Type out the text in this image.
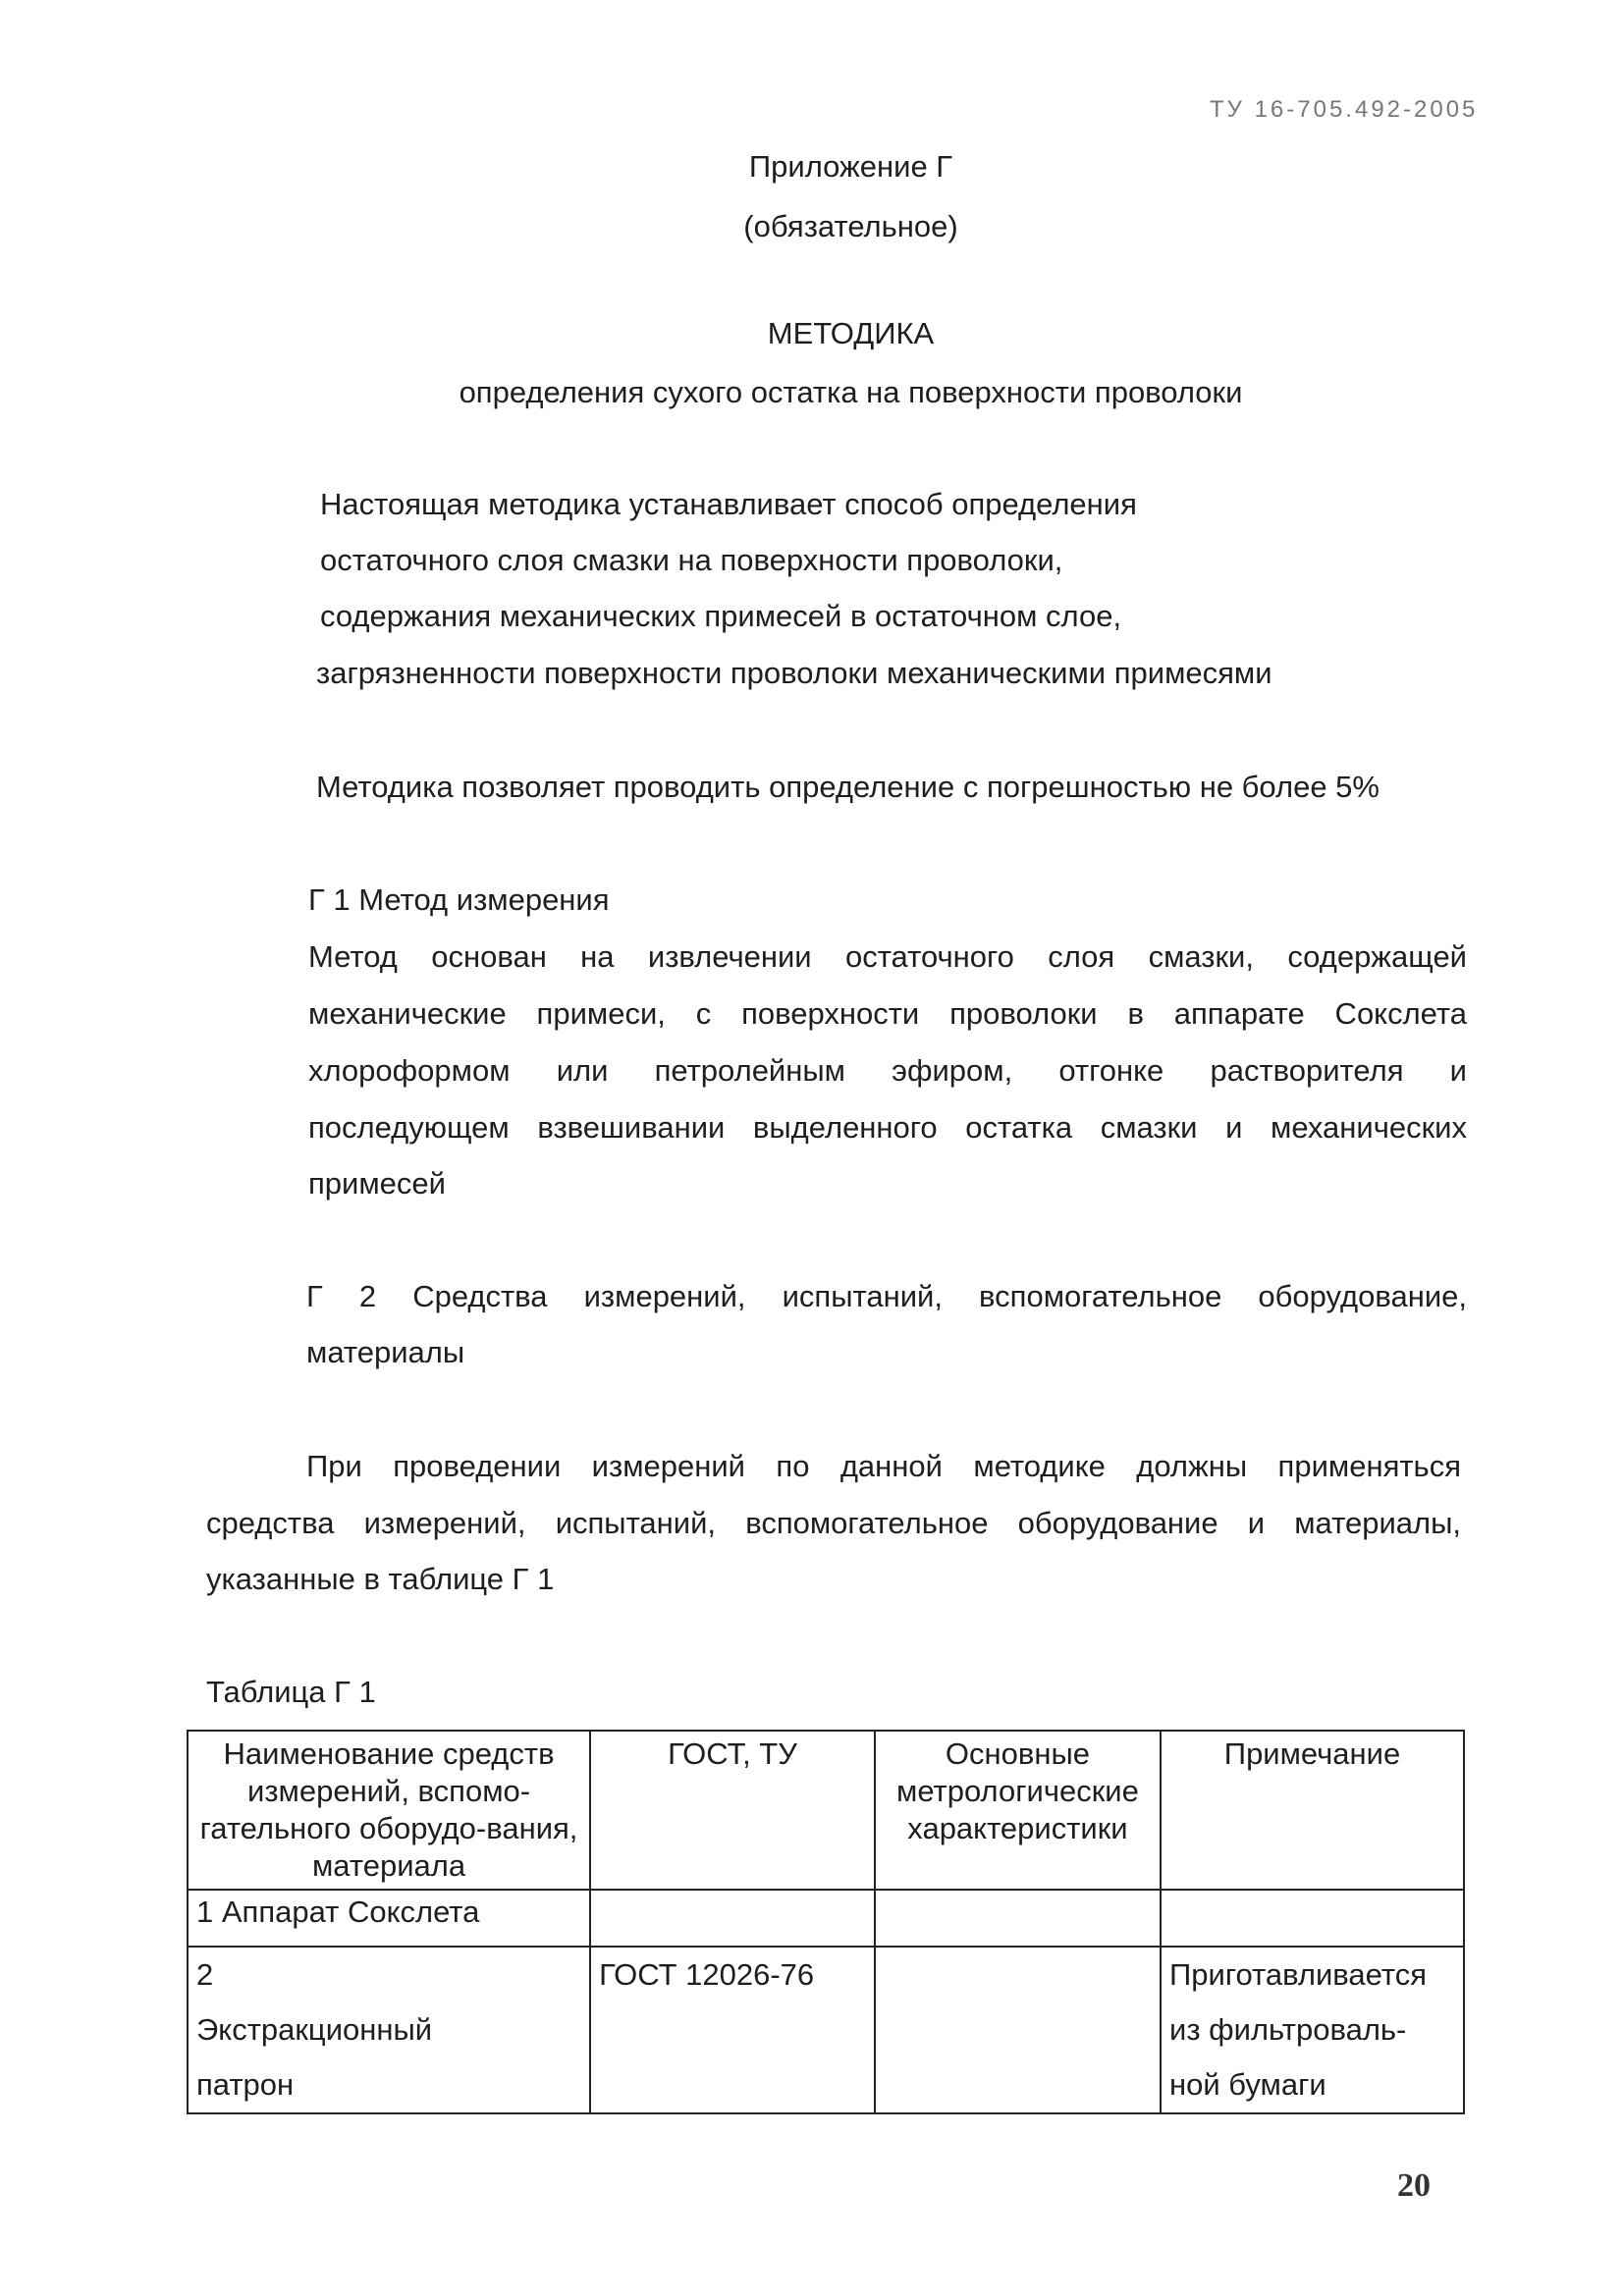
ТУ 16-705.492-2005
Приложение Г
(обязательное)
МЕТОДИКА
определения сухого остатка на поверхности проволоки
Настоящая методика устанавливает способ определения
остаточного слоя смазки на поверхности проволоки,
содержания механических примесей в остаточном слое,
загрязненности поверхности проволоки механическими примесями
Методика позволяет проводить определение с погрешностью не более 5%
Г 1 Метод измерения
Метод основан на извлечении остаточного слоя смазки, содержащей
механические примеси, с поверхности проволоки в аппарате Сокслета
хлороформом или петролейным эфиром, отгонке растворителя и
последующем взвешивании выделенного остатка смазки и механических
примесей
Г 2 Средства измерений, испытаний, вспомогательное оборудование,
материалы
При проведении измерений по данной методике должны применяться
средства измерений, испытаний, вспомогательное оборудование и материалы,
указанные в таблице Г 1
Таблица Г 1
Наименование средств измерений, вспомо-гательного оборудо-вания, материала	ГОСТ, ТУ	Основные метрологические характеристики	Примечание
1 Аппарат Сокслета			
2 Экстракционный патрон	ГОСТ 12026-76		Приготавливается из фильтроваль-ной бумаги
20
